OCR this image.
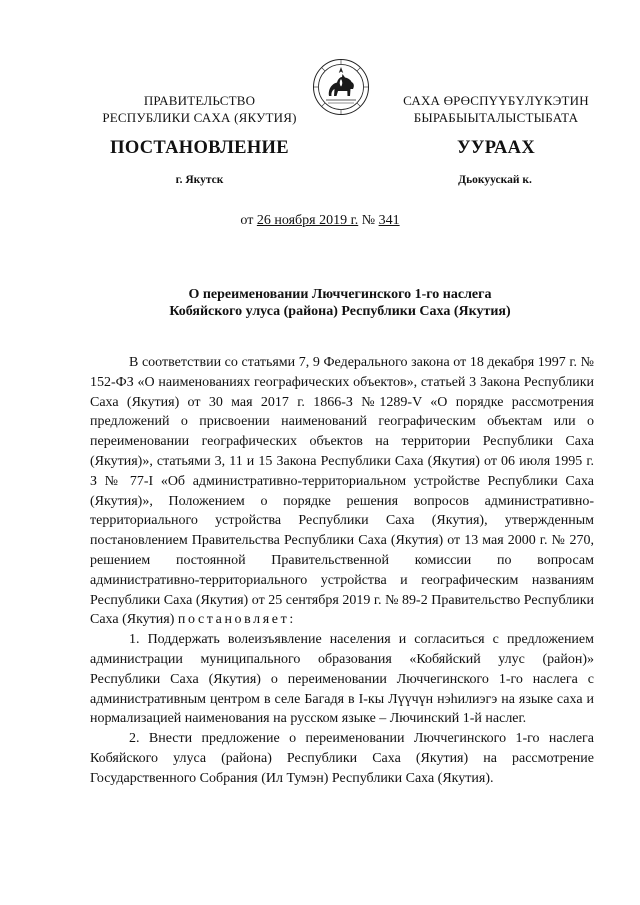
ПРАВИТЕЛЬСТВО
РЕСПУБЛИКИ САХА (ЯКУТИЯ)
САХА ӨРӨСПҮҮБҮЛҮКЭТИН
БЫРАБЫЫТАЛЫСТЫБАТА
ПОСТАНОВЛЕНИЕ	УУРААХ
г. Якутск	Дьокуускай к.
от 26 ноября 2019 г. № 341
О переименовании Люччегинского 1-го наслега
Кобяйского улуса (района) Республики Саха (Якутия)

В соответствии со статьями 7, 9 Федерального закона от 18 декабря 1997 г. № 152-ФЗ «О наименованиях географических объектов», статьей 3 Закона Республики Саха (Якутия) от 30 мая 2017 г. 1866-З №1289-V «О порядке рассмотрения предложений о присвоении наименований географическим объектам или о переименовании географических объектов на территории Республики Саха (Якутия)», статьями 3, 11 и 15 Закона Республики Саха (Якутия) от 06 июля 1995 г. З № 77-I «Об административно-территориальном устройстве Республики Саха (Якутия)», Положением о порядке решения вопросов административно-территориального устройства Республики Саха (Якутия), утвержденным постановлением Правительства Республики Саха (Якутия) от 13 мая 2000 г. № 270, решением постоянной Правительственной комиссии по вопросам административно-территориального устройства и географическим названиям Республики Саха (Якутия) от 25 сентября 2019 г. № 89-2 Правительство Республики Саха (Якутия) постановляет:

1. Поддержать волеизъявление населения и согласиться с предложением администрации муниципального образования «Кобяйский улус (район)» Республики Саха (Якутия) о переименовании Люччегинского 1-го наслега с административным центром в селе Багадя в I-кы Лүүчүн нэһилиэгэ на языке саха и нормализацией наименования на русском языке – Лючинский 1-й наслег.

2. Внести предложение о переименовании Люччегинского 1-го наслега Кобяйского улуса (района) Республики Саха (Якутия) на рассмотрение Государственного Собрания (Ил Тумэн) Республики Саха (Якутия).
